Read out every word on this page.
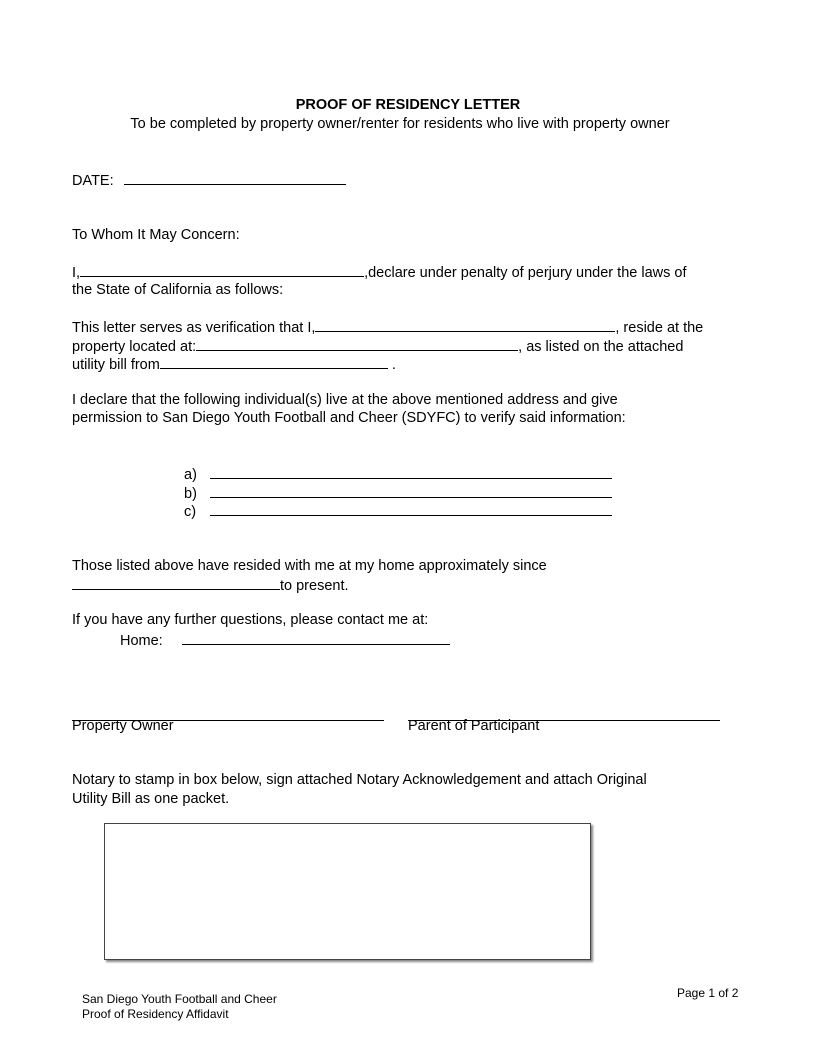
PROOF OF RESIDENCY LETTER
To be completed by property owner/renter for residents who live with property owner
DATE:
To Whom It May Concern:
I,	,declare under penalty of perjury under the laws of
the State of California as follows:
This letter serves as verification that I,	, reside at the
property located at:	, as listed on the attached
utility bill from	.
I declare that the following individual(s) live at the above mentioned address and give
permission to San Diego Youth Football and Cheer (SDYFC) to verify said information:
a)
b)
c)
Those listed above have resided with me at my home approximately since
to present.
If you have any further questions, please contact me at:
Home:
Property Owner	Parent of Participant
Notary to stamp in box below, sign attached Notary Acknowledgement and attach Original
Utility Bill as one packet.
San Diego Youth Football and Cheer
Proof of Residency Affidavit
Page 1 of 2
